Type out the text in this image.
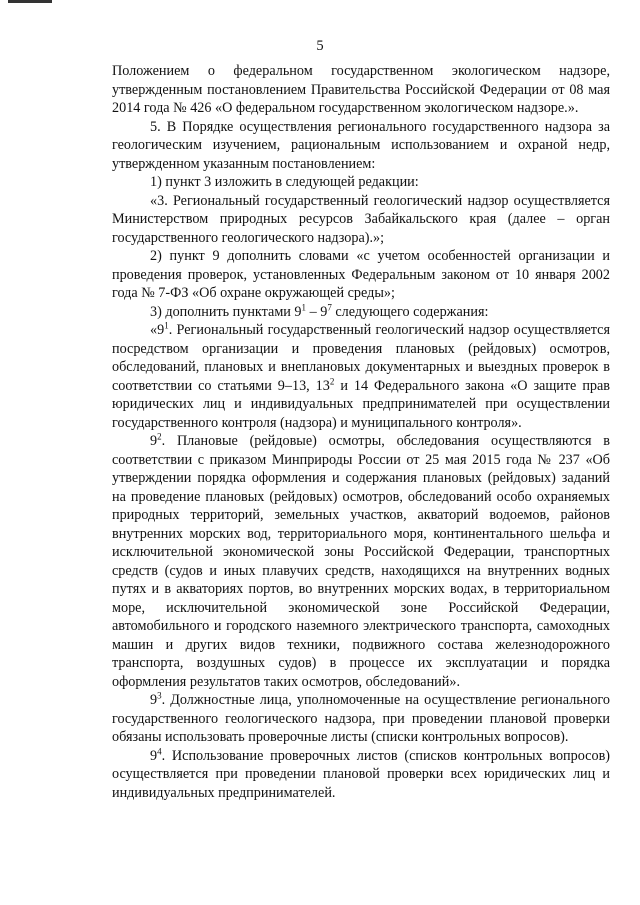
5

Положением о федеральном государственном экологическом надзоре, утвержденным постановлением Правительства Российской Федерации от 08 мая 2014 года № 426 «О федеральном государственном экологическом надзоре.».

5. В Порядке осуществления регионального государственного надзора за геологическим изучением, рациональным использованием и охраной недр, утвержденном указанным постановлением:

1) пункт 3 изложить в следующей редакции:

«3. Региональный государственный геологический надзор осуществляется Министерством природных ресурсов Забайкальского края (далее – орган государственного геологического надзора).»;

2) пункт 9 дополнить словами «с учетом особенностей организации и проведения проверок, установленных Федеральным законом от 10 января 2002 года № 7-ФЗ «Об охране окружающей среды»;

3) дополнить пунктами $9^1 - 9^7$ следующего содержания:

«$9^1$. Региональный государственный геологический надзор осуществляется посредством организации и проведения плановых (рейдовых) осмотров, обследований, плановых и внеплановых документарных и выездных проверок в соответствии со статьями 9–13, $13^2$ и 14 Федерального закона «О защите прав юридических лиц и индивидуальных предпринимателей при осуществлении государственного контроля (надзора) и муниципального контроля».

$9^2$. Плановые (рейдовые) осмотры, обследования осуществляются в соответствии с приказом Минприроды России от 25 мая 2015 года № 237 «Об утверждении порядка оформления и содержания плановых (рейдовых) заданий на проведение плановых (рейдовых) осмотров, обследований особо охраняемых природных территорий, земельных участков, акваторий водоемов, районов внутренних морских вод, территориального моря, континентального шельфа и исключительной экономической зоны Российской Федерации, транспортных средств (судов и иных плавучих средств, находящихся на внутренних водных путях и в акваториях портов, во внутренних морских водах, в территориальном море, исключительной экономической зоне Российской Федерации, автомобильного и городского наземного электрического транспорта, самоходных машин и других видов техники, подвижного состава железнодорожного транспорта, воздушных судов) в процессе их эксплуатации и порядка оформления результатов таких осмотров, обследований».

$9^3$. Должностные лица, уполномоченные на осуществление регионального государственного геологического надзора, при проведении плановой проверки обязаны использовать проверочные листы (списки контрольных вопросов).

$9^4$. Использование проверочных листов (списков контрольных вопросов) осуществляется при проведении плановой проверки всех юридических лиц и индивидуальных предпринимателей.
